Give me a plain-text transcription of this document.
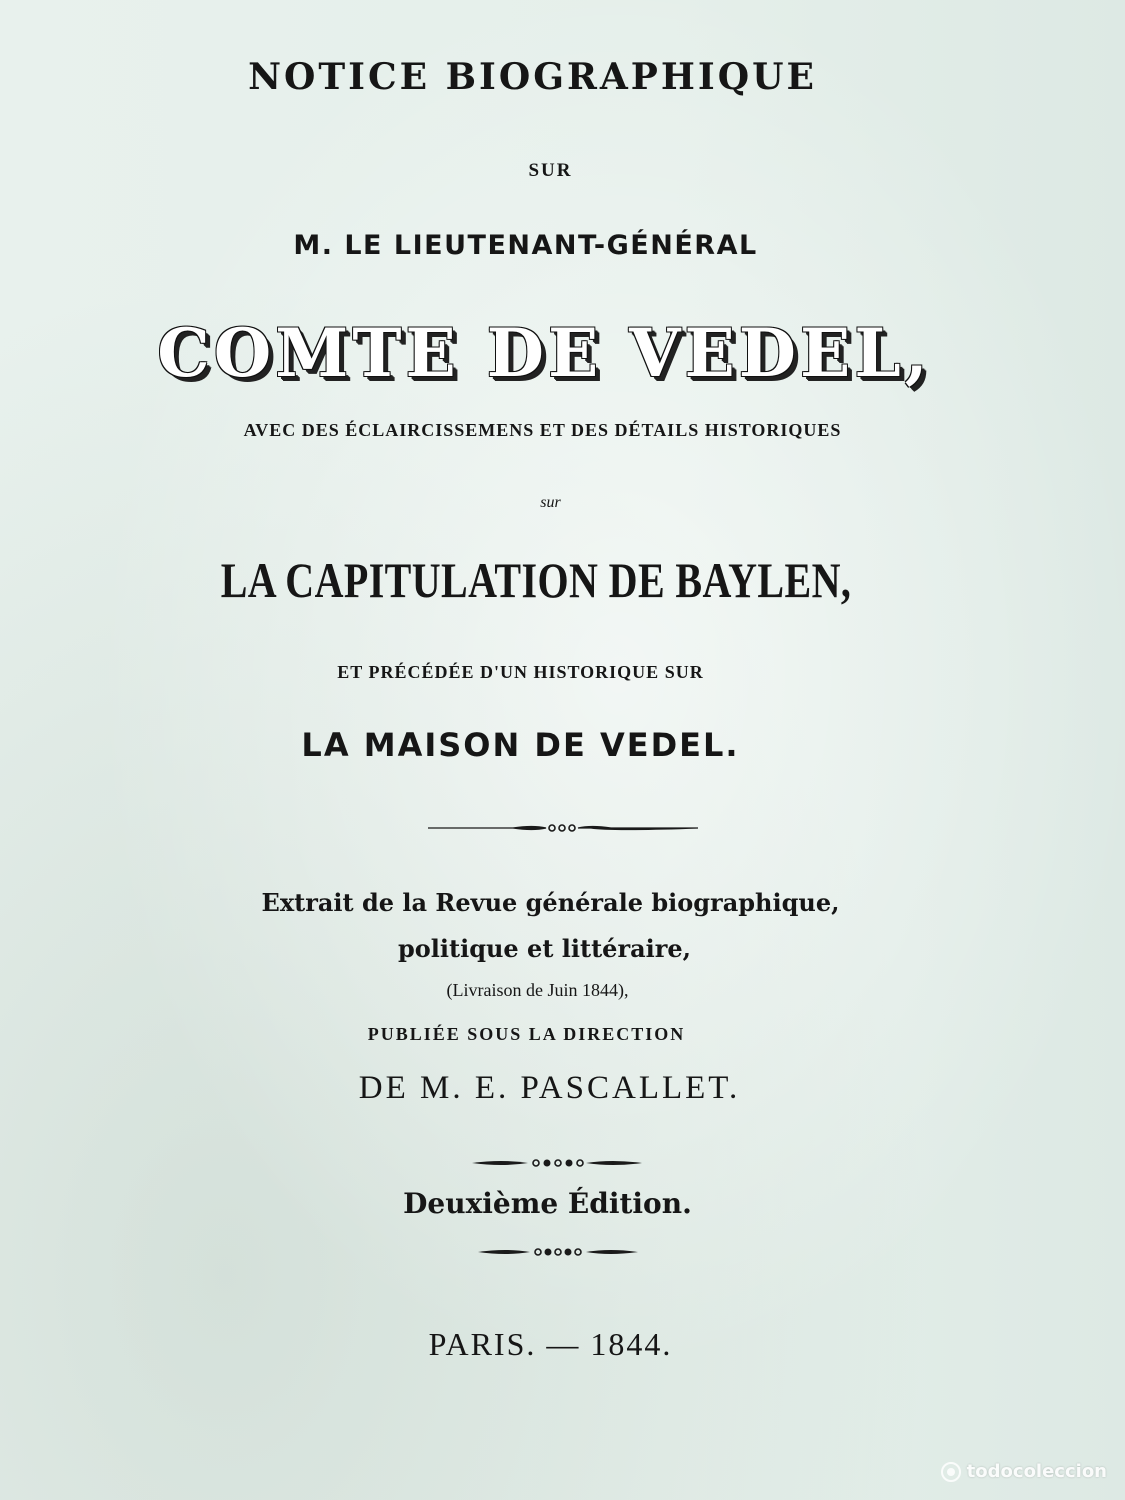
NOTICE BIOGRAPHIQUE

SUR

M. LE LIEUTENANT-GÉNÉRAL

COMTE DE VEDEL,

AVEC DES ÉCLAIRCISSEMENS ET DES DÉTAILS HISTORIQUES

sur

LA CAPITULATION DE BAYLEN,

ET PRÉCÉDÉE D'UN HISTORIQUE SUR

LA MAISON DE VEDEL.

Extrait de la Revue générale biographique,

politique et littéraire,

(Livraison de Juin 1844),

PUBLIÉE SOUS LA DIRECTION

DE M. E. PASCALLET.

Deuxième Édition.

PARIS. — 1844.

todocoleccion
